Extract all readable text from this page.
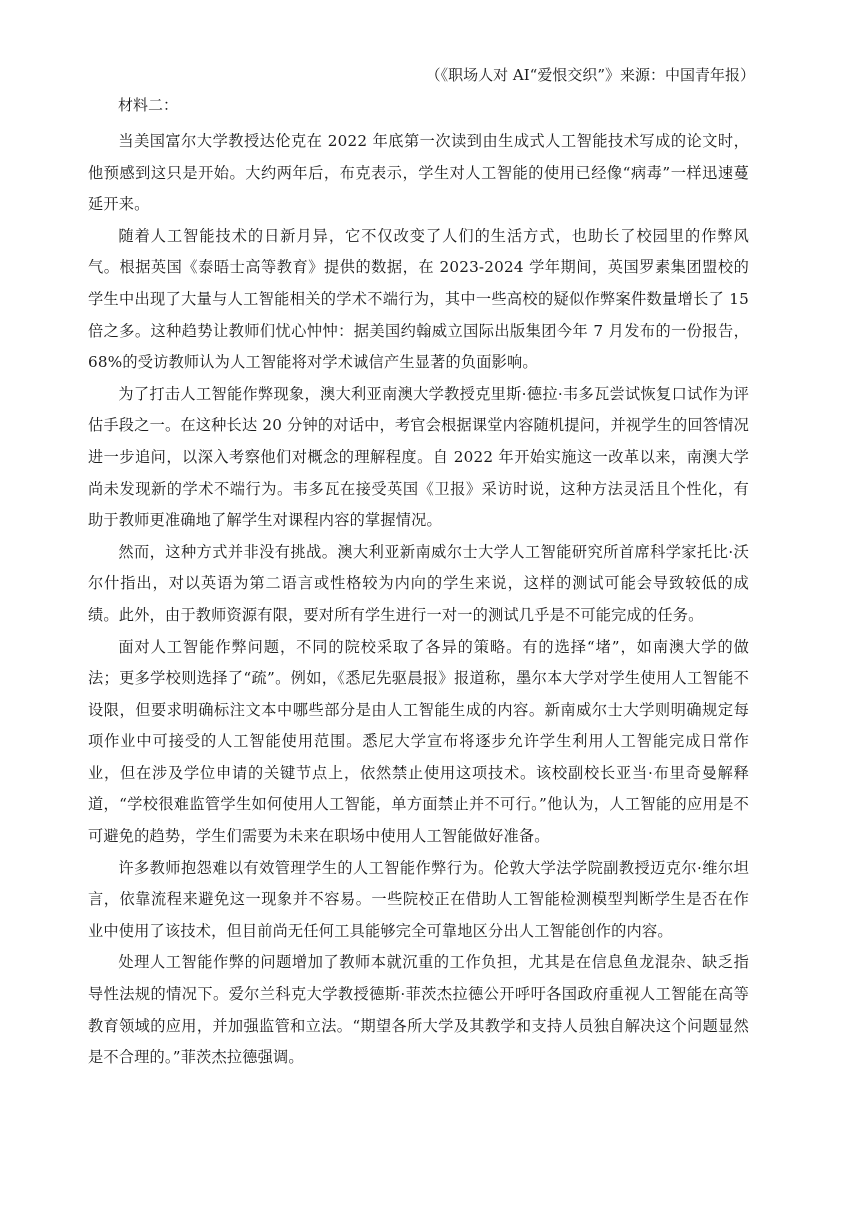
（《职场人对 AI“爱恨交织”》来源：中国青年报）
材料二：

当美国富尔大学教授达伦克在 2022 年底第一次读到由生成式人工智能技术写成的论文时，他预感到这只是开始。大约两年后，布克表示，学生对人工智能的使用已经像“病毒”一样迅速蔓延开来。

随着人工智能技术的日新月异，它不仅改变了人们的生活方式，也助长了校园里的作弊风气。根据英国《泰晤士高等教育》提供的数据，在 2023-2024 学年期间，英国罗素集团盟校的学生中出现了大量与人工智能相关的学术不端行为，其中一些高校的疑似作弊案件数量增长了 15 倍之多。这种趋势让教师们忧心忡忡：据美国约翰威立国际出版集团今年 7 月发布的一份报告，68%的受访教师认为人工智能将对学术诚信产生显著的负面影响。

为了打击人工智能作弊现象，澳大利亚南澳大学教授克里斯·德拉·韦多瓦尝试恢复口试作为评估手段之一。在这种长达 20 分钟的对话中，考官会根据课堂内容随机提问，并视学生的回答情况进一步追问，以深入考察他们对概念的理解程度。自 2022 年开始实施这一改革以来，南澳大学尚未发现新的学术不端行为。韦多瓦在接受英国《卫报》采访时说，这种方法灵活且个性化，有助于教师更准确地了解学生对课程内容的掌握情况。

然而，这种方式并非没有挑战。澳大利亚新南威尔士大学人工智能研究所首席科学家托比·沃尔什指出，对以英语为第二语言或性格较为内向的学生来说，这样的测试可能会导致较低的成绩。此外，由于教师资源有限，要对所有学生进行一对一的测试几乎是不可能完成的任务。

面对人工智能作弊问题，不同的院校采取了各异的策略。有的选择“堵”，如南澳大学的做法；更多学校则选择了“疏”。例如，《悉尼先驱晨报》报道称，墨尔本大学对学生使用人工智能不设限，但要求明确标注文本中哪些部分是由人工智能生成的内容。新南威尔士大学则明确规定每项作业中可接受的人工智能使用范围。悉尼大学宣布将逐步允许学生利用人工智能完成日常作业，但在涉及学位申请的关键节点上，依然禁止使用这项技术。该校副校长亚当·布里奇曼解释道，“学校很难监管学生如何使用人工智能，单方面禁止并不可行。”他认为，人工智能的应用是不可避免的趋势，学生们需要为未来在职场中使用人工智能做好准备。

许多教师抱怨难以有效管理学生的人工智能作弊行为。伦敦大学法学院副教授迈克尔·维尔坦言，依靠流程来避免这一现象并不容易。一些院校正在借助人工智能检测模型判断学生是否在作业中使用了该技术，但目前尚无任何工具能够完全可靠地区分出人工智能创作的内容。

处理人工智能作弊的问题增加了教师本就沉重的工作负担，尤其是在信息鱼龙混杂、缺乏指导性法规的情况下。爱尔兰科克大学教授德斯·菲茨杰拉德公开呼吁各国政府重视人工智能在高等教育领域的应用，并加强监管和立法。“期望各所大学及其教学和支持人员独自解决这个问题显然是不合理的。”菲茨杰拉德强调。
